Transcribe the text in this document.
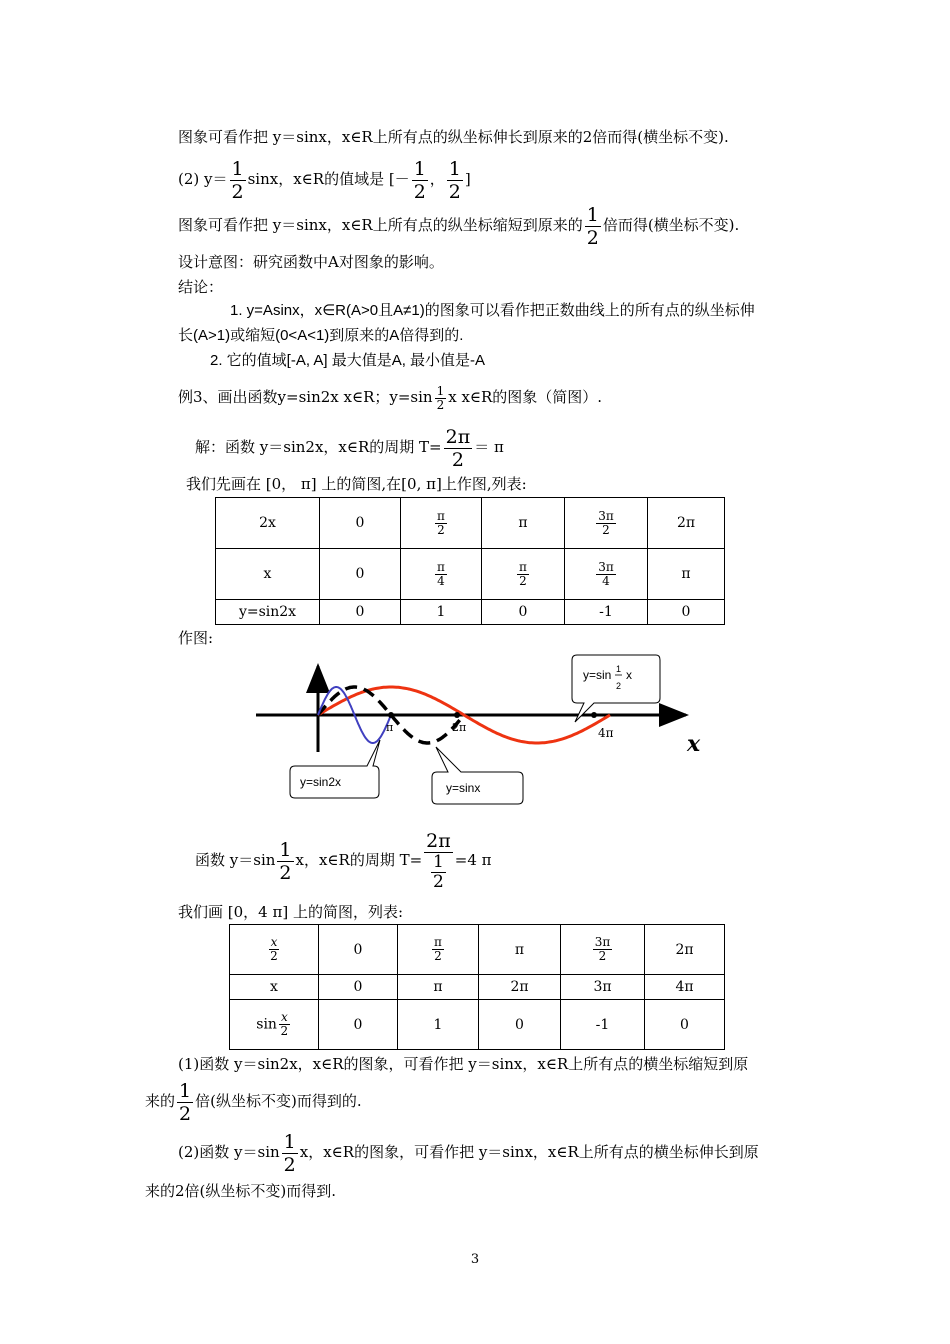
图象可看作把 y＝sinx，x∈R上所有点的纵坐标伸长到原来的2倍而得(横坐标不变).
(2) $y= \frac{1}{2}$ sinx，x∈R的值域是 [－ $\frac{1}{2}$ ， $\frac{1}{2}$ ]
图象可看作把 y＝sinx，x∈R上所有点的纵坐标缩短到原来的 $\frac{1}{2}$ 倍而得(横坐标不变).
设计意图：研究函数中A对图象的影响。
结论：
1. y=Asinx，x∈R(A>0且A≠1)的图象可以看作把正数曲线上的所有点的纵坐标伸
长(A>1)或缩短(0<A<1)到原来的A倍得到的.
2. 它的值域[-A, A] 最大值是A, 最小值是-A
例3、画出函数y=sin2x x∈R；$y=\sin \frac{1}{2}$ x x∈R的图象（简图）.
解：函数 y＝sin2x，x∈R的周期 $T= \frac{2\pi}{2} = \pi$
我们先画在 [0， π] 上的简图,在[0, π]上作图,列表:
2x	0	$\frac{\pi}{2}$	π	$\frac{3\pi}{2}$	2π
x	0	$\frac{\pi}{4}$	$\frac{\pi}{2}$	$\frac{3\pi}{4}$	π
y=sin2x	0	1	0	-1	0
作图:
π	2π	4π	x
y=sin 1
2
x
y=sin2x	y=sinx
函数 $y=\sin \frac{1}{2}$ x，x∈R的周期 $T= \frac{2\pi}{\frac{1}{2}} =4$ π
我们画 [0，4 π] 上的简图，列表:
$\frac{x}{2}$	0	$\frac{\pi}{2}$	π	$\frac{3\pi}{2}$	2π
x	0	π	2π	3π	4π
$\sin \frac{x}{2}$	0	1	0	-1	0
(1)函数 y＝sin2x，x∈R的图象，可看作把 y＝sinx，x∈R上所有点的横坐标缩短到原
来的 $\frac{1}{2}$ 倍(纵坐标不变)而得到的.
(2)函数 $y=\sin \frac{1}{2}$ x，x∈R的图象，可看作把 y＝sinx，x∈R上所有点的横坐标伸长到原
来的2倍(纵坐标不变)而得到.
3
